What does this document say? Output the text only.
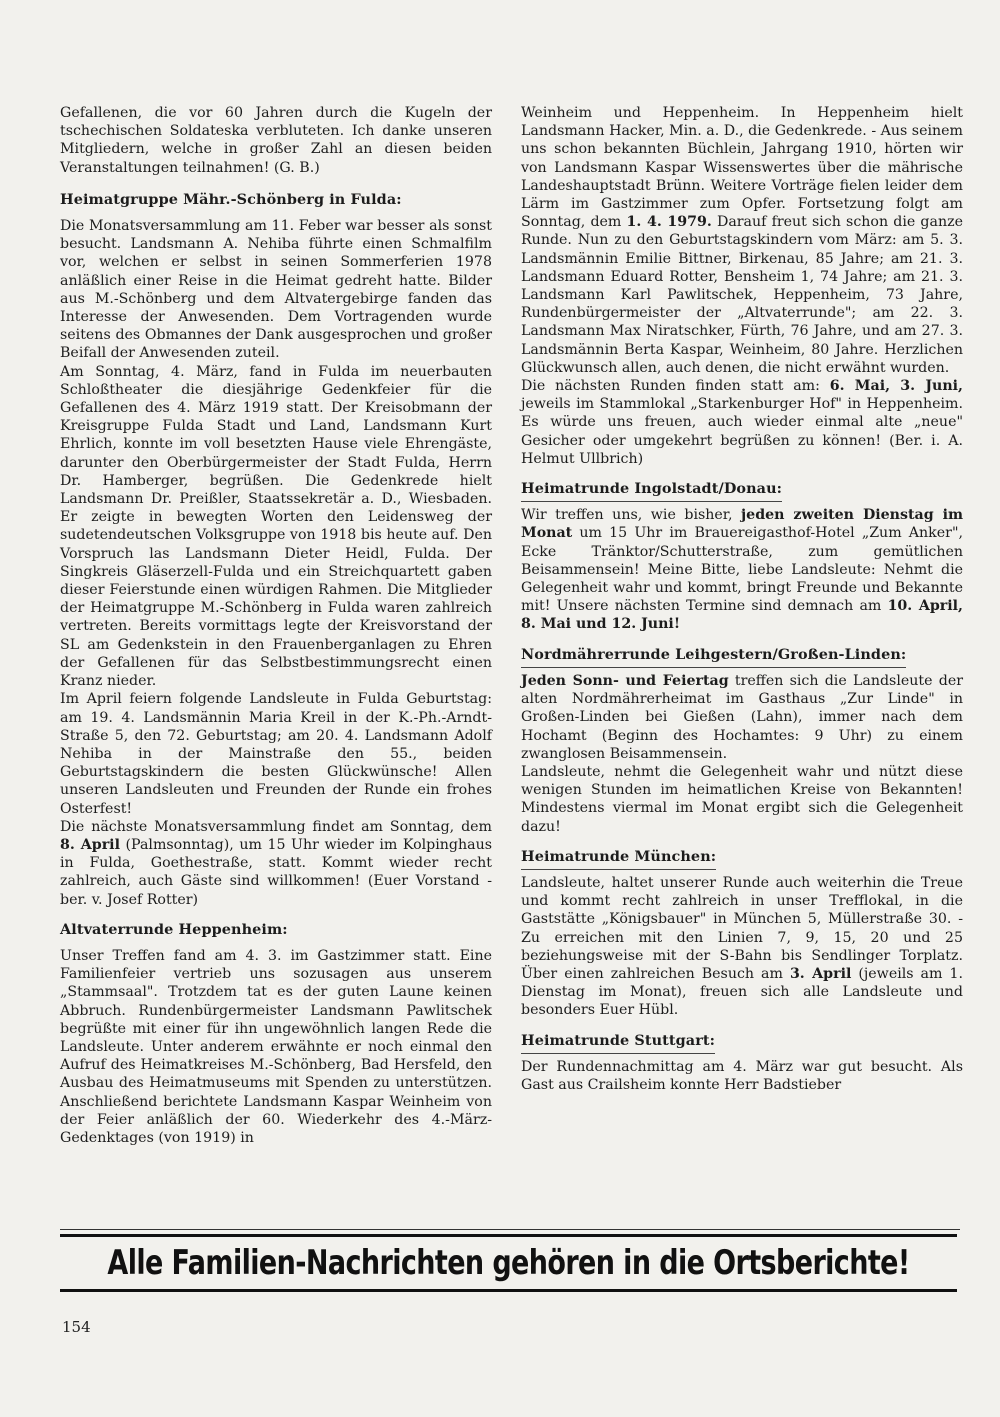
Gefallenen, die vor 60 Jahren durch die Kugeln der tschechischen Soldateska verbluteten. Ich danke unseren Mitgliedern, welche in großer Zahl an diesen beiden Veranstaltungen teilnahmen! (G. B.)

Heimatgruppe Mähr.-Schönberg in Fulda:

Die Monatsversammlung am 11. Feber war besser als sonst besucht. Landsmann A. Nehiba führte einen Schmalfilm vor, welchen er selbst in seinen Sommerferien 1978 anläßlich einer Reise in die Heimat gedreht hatte. Bilder aus M.-Schönberg und dem Altvatergebirge fanden das Interesse der Anwesenden. Dem Vortragenden wurde seitens des Obmannes der Dank ausgesprochen und großer Beifall der Anwesenden zuteil.

Am Sonntag, 4. März, fand in Fulda im neuerbauten Schloßtheater die diesjährige Gedenkfeier für die Gefallenen des 4. März 1919 statt. Der Kreisobmann der Kreisgruppe Fulda Stadt und Land, Landsmann Kurt Ehrlich, konnte im voll besetzten Hause viele Ehrengäste, darunter den Oberbürgermeister der Stadt Fulda, Herrn Dr. Hamberger, begrüßen. Die Gedenkrede hielt Landsmann Dr. Preißler, Staatssekretär a. D., Wiesbaden. Er zeigte in bewegten Worten den Leidensweg der sudetendeutschen Volksgruppe von 1918 bis heute auf. Den Vorspruch las Landsmann Dieter Heidl, Fulda. Der Singkreis Gläserzell-Fulda und ein Streichquartett gaben dieser Feierstunde einen würdigen Rahmen. Die Mitglieder der Heimatgruppe M.-Schönberg in Fulda waren zahlreich vertreten. Bereits vormittags legte der Kreisvorstand der SL am Gedenkstein in den Frauenberganlagen zu Ehren der Gefallenen für das Selbstbestimmungsrecht einen Kranz nieder.

Im April feiern folgende Landsleute in Fulda Geburtstag: am 19. 4. Landsmännin Maria Kreil in der K.-Ph.-Arndt-Straße 5, den 72. Geburtstag; am 20. 4. Landsmann Adolf Nehiba in der Mainstraße den 55., beiden Geburtstagskindern die besten Glückwünsche! Allen unseren Landsleuten und Freunden der Runde ein frohes Osterfest!

Die nächste Monatsversammlung findet am Sonntag, dem 8. April (Palmsonntag), um 15 Uhr wieder im Kolpinghaus in Fulda, Goethestraße, statt. Kommt wieder recht zahlreich, auch Gäste sind willkommen! (Euer Vorstand - ber. v. Josef Rotter)

Altvaterrunde Heppenheim:

Unser Treffen fand am 4. 3. im Gastzimmer statt. Eine Familienfeier vertrieb uns sozusagen aus unserem „Stammsaal". Trotzdem tat es der guten Laune keinen Abbruch. Rundenbürgermeister Landsmann Pawlitschek begrüßte mit einer für ihn ungewöhnlich langen Rede die Landsleute. Unter anderem erwähnte er noch einmal den Aufruf des Heimatkreises M.-Schönberg, Bad Hersfeld, den Ausbau des Heimatmuseums mit Spenden zu unterstützen. Anschließend berichtete Landsmann Kaspar Weinheim von der Feier anläßlich der 60. Wiederkehr des 4.-März-Gedenktages (von 1919) in

Weinheim und Heppenheim. In Heppenheim hielt Landsmann Hacker, Min. a. D., die Gedenkrede. - Aus seinem uns schon bekannten Büchlein, Jahrgang 1910, hörten wir von Landsmann Kaspar Wissenswertes über die mährische Landeshauptstadt Brünn. Weitere Vorträge fielen leider dem Lärm im Gastzimmer zum Opfer. Fortsetzung folgt am Sonntag, dem 1. 4. 1979. Darauf freut sich schon die ganze Runde. Nun zu den Geburtstagskindern vom März: am 5. 3. Landsmännin Emilie Bittner, Birkenau, 85 Jahre; am 21. 3. Landsmann Eduard Rotter, Bensheim 1, 74 Jahre; am 21. 3. Landsmann Karl Pawlitschek, Heppenheim, 73 Jahre, Rundenbürgermeister der „Altvaterrunde"; am 22. 3. Landsmann Max Niratschker, Fürth, 76 Jahre, und am 27. 3. Landsmännin Berta Kaspar, Weinheim, 80 Jahre. Herzlichen Glückwunsch allen, auch denen, die nicht erwähnt wurden.

Die nächsten Runden finden statt am: 6. Mai, 3. Juni, jeweils im Stammlokal „Starkenburger Hof" in Heppenheim. Es würde uns freuen, auch wieder einmal alte „neue" Gesicher oder umgekehrt begrüßen zu können! (Ber. i. A. Helmut Ullbrich)

Heimatrunde Ingolstadt/Donau:

Wir treffen uns, wie bisher, jeden zweiten Dienstag im Monat um 15 Uhr im Brauereigasthof-Hotel „Zum Anker", Ecke Tränktor/Schutterstraße, zum gemütlichen Beisammensein! Meine Bitte, liebe Landsleute: Nehmt die Gelegenheit wahr und kommt, bringt Freunde und Bekannte mit! Unsere nächsten Termine sind demnach am 10. April, 8. Mai und 12. Juni!

Nordmährerrunde Leihgestern/Großen-Linden:

Jeden Sonn- und Feiertag treffen sich die Landsleute der alten Nordmährerheimat im Gasthaus „Zur Linde" in Großen-Linden bei Gießen (Lahn), immer nach dem Hochamt (Beginn des Hochamtes: 9 Uhr) zu einem zwanglosen Beisammensein.

Landsleute, nehmt die Gelegenheit wahr und nützt diese wenigen Stunden im heimatlichen Kreise von Bekannten! Mindestens viermal im Monat ergibt sich die Gelegenheit dazu!

Heimatrunde München:

Landsleute, haltet unserer Runde auch weiterhin die Treue und kommt recht zahlreich in unser Trefflokal, in die Gaststätte „Königsbauer" in München 5, Müllerstraße 30. - Zu erreichen mit den Linien 7, 9, 15, 20 und 25 beziehungsweise mit der S-Bahn bis Sendlinger Torplatz. Über einen zahlreichen Besuch am 3. April (jeweils am 1. Dienstag im Monat), freuen sich alle Landsleute und besonders Euer Hübl.

Heimatrunde Stuttgart:

Der Rundennachmittag am 4. März war gut besucht. Als Gast aus Crailsheim konnte Herr Badstieber

Alle Familien-Nachrichten gehören in die Ortsberichte!
154
